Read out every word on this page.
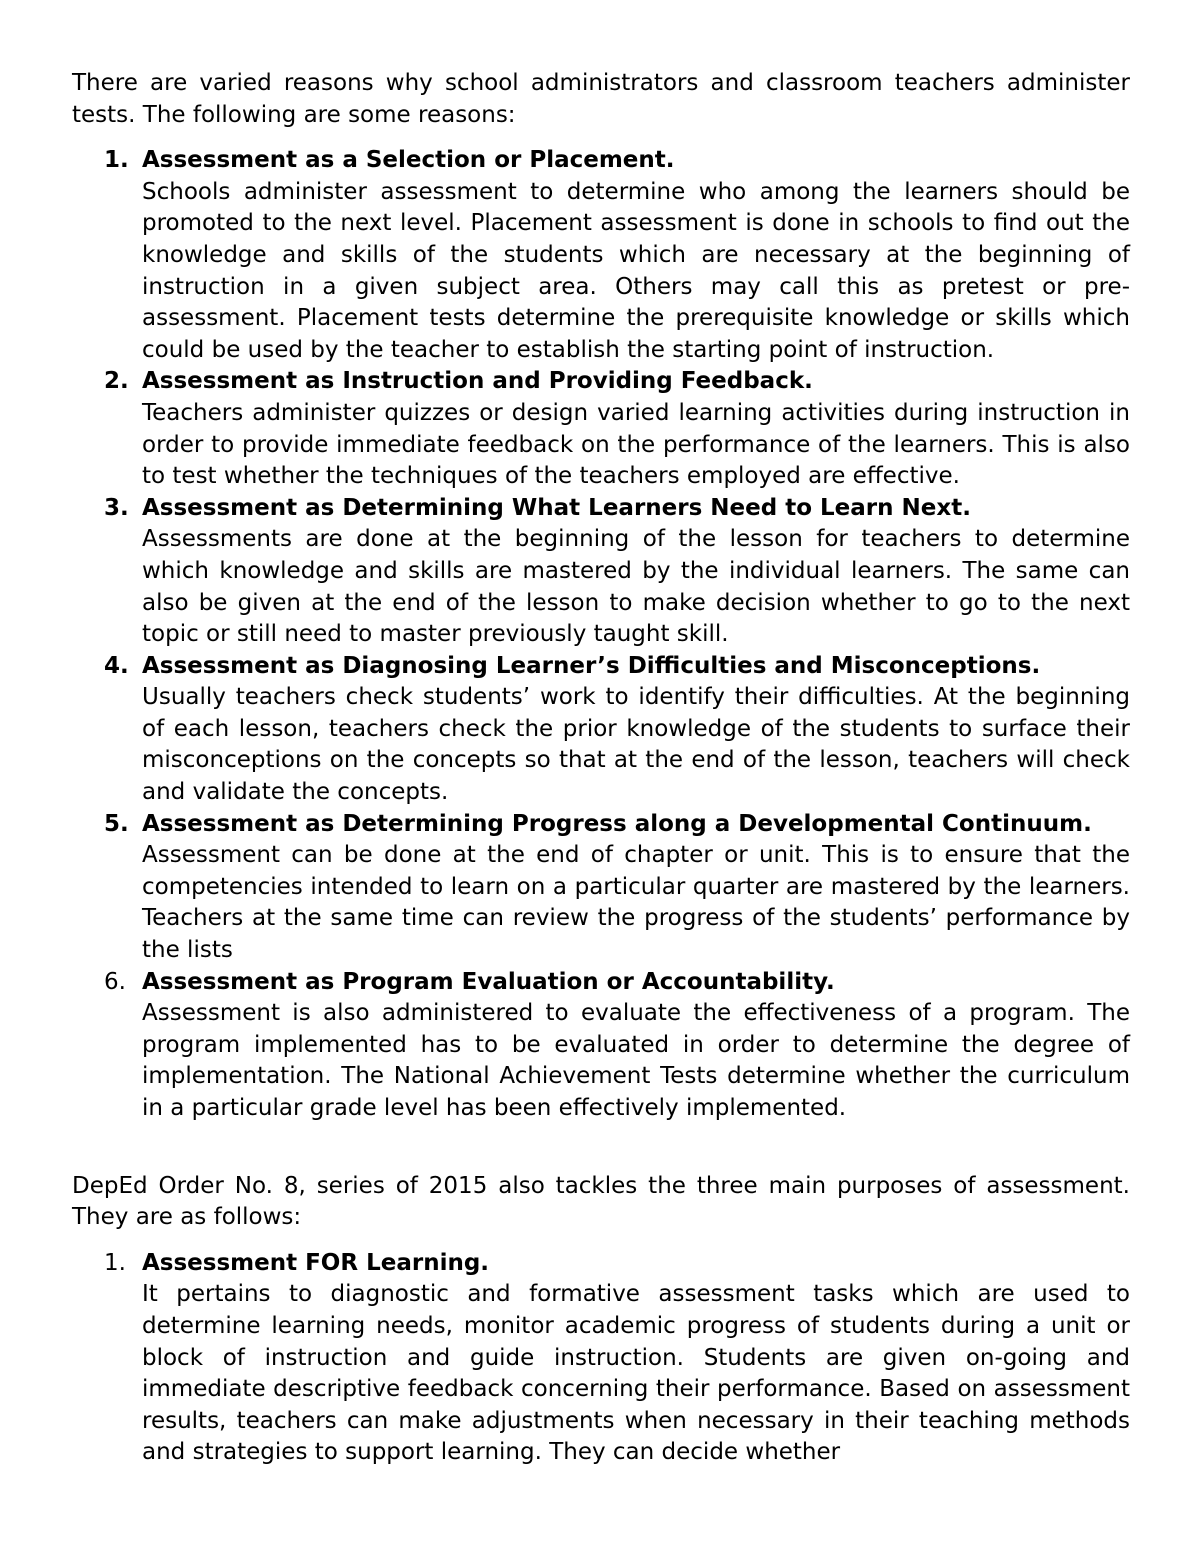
There are varied reasons why school administrators and classroom teachers administer tests. The following are some reasons:

1. Assessment as a Selection or Placement.
Schools administer assessment to determine who among the learners should be promoted to the next level. Placement assessment is done in schools to find out the knowledge and skills of the students which are necessary at the beginning of instruction in a given subject area. Others may call this as pretest or pre-assessment. Placement tests determine the prerequisite knowledge or skills which could be used by the teacher to establish the starting point of instruction.
2. Assessment as Instruction and Providing Feedback.
Teachers administer quizzes or design varied learning activities during instruction in order to provide immediate feedback on the performance of the learners. This is also to test whether the techniques of the teachers employed are effective.
3. Assessment as Determining What Learners Need to Learn Next.
Assessments are done at the beginning of the lesson for teachers to determine which knowledge and skills are mastered by the individual learners. The same can also be given at the end of the lesson to make decision whether to go to the next topic or still need to master previously taught skill.
4. Assessment as Diagnosing Learner’s Difficulties and Misconceptions.
Usually teachers check students’ work to identify their difficulties. At the beginning of each lesson, teachers check the prior knowledge of the students to surface their misconceptions on the concepts so that at the end of the lesson, teachers will check and validate the concepts.
5. Assessment as Determining Progress along a Developmental Continuum.
Assessment can be done at the end of chapter or unit. This is to ensure that the competencies intended to learn on a particular quarter are mastered by the learners. Teachers at the same time can review the progress of the students’ performance by the lists
6. Assessment as Program Evaluation or Accountability.
Assessment is also administered to evaluate the effectiveness of a program. The program implemented has to be evaluated in order to determine the degree of implementation. The National Achievement Tests determine whether the curriculum in a particular grade level has been effectively implemented.

DepEd Order No. 8, series of 2015 also tackles the three main purposes of assessment. They are as follows:

1. Assessment FOR Learning.
It pertains to diagnostic and formative assessment tasks which are used to determine learning needs, monitor academic progress of students during a unit or block of instruction and guide instruction. Students are given on-going and immediate descriptive feedback concerning their performance. Based on assessment results, teachers can make adjustments when necessary in their teaching methods and strategies to support learning. They can decide whether
